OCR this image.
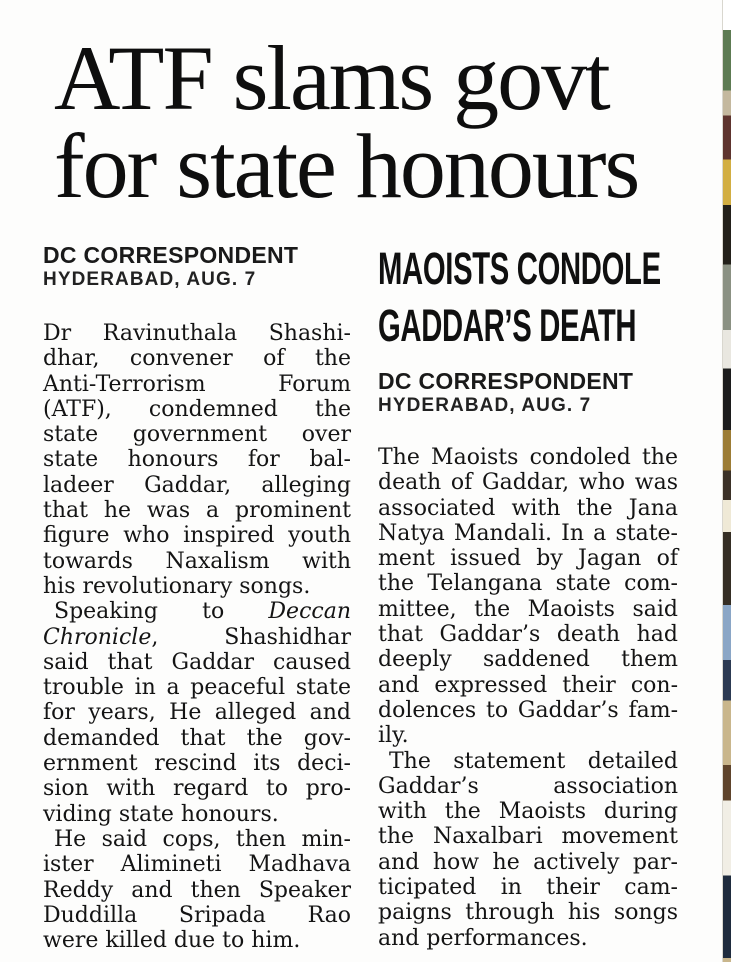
ATF slams govt
for state honours
DC CORRESPONDENT
HYDERABAD, AUG. 7
Dr Ravinuthala Shashi-
dhar, convener of the
Anti-Terrorism Forum
(ATF), condemned the
state government over
state honours for bal-
ladeer Gaddar, alleging
that he was a prominent
figure who inspired youth
towards Naxalism with
his revolutionary songs.
Speaking to Deccan
Chronicle, Shashidhar
said that Gaddar caused
trouble in a peaceful state
for years, He alleged and
demanded that the gov-
ernment rescind its deci-
sion with regard to pro-
viding state honours.
He said cops, then min-
ister Alimineti Madhava
Reddy and then Speaker
Duddilla Sripada Rao
were killed due to him.
MAOISTS CONDOLE
GADDAR’S DEATH
DC CORRESPONDENT
HYDERABAD, AUG. 7
The Maoists condoled the
death of Gaddar, who was
associated with the Jana
Natya Mandali. In a state-
ment issued by Jagan of
the Telangana state com-
mittee, the Maoists said
that Gaddar’s death had
deeply saddened them
and expressed their con-
dolences to Gaddar’s fam-
ily.
The statement detailed
Gaddar’s association
with the Maoists during
the Naxalbari movement
and how he actively par-
ticipated in their cam-
paigns through his songs
and performances.
